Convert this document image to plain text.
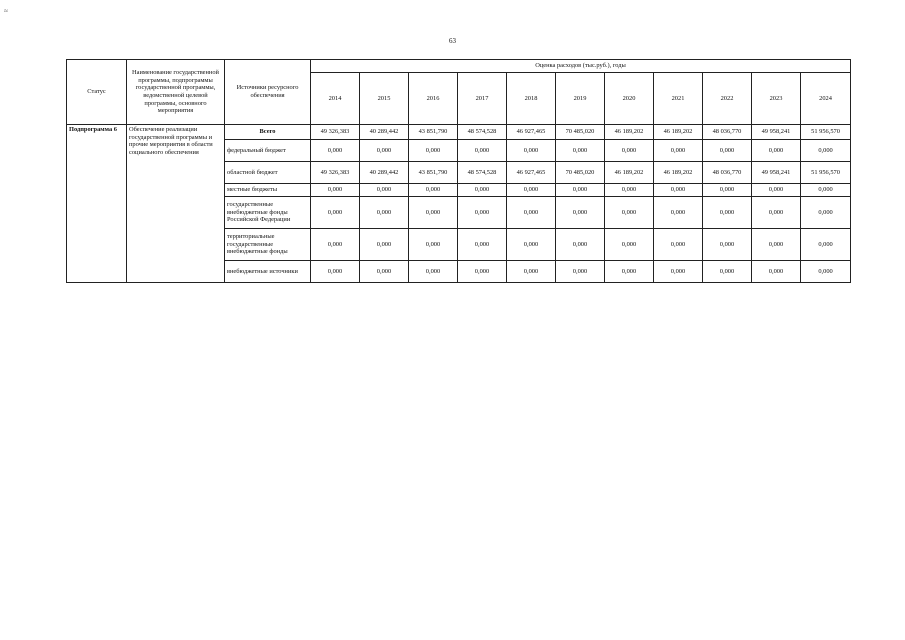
≈
63
Статус	Наименование государственной программы, подпрограммы государственной программы, ведомственной целевой программы, основного мероприятия	Источники ресурсного обеспечения	Оценка расходов (тыс.руб.), годы										
			2014	2015	2016	2017	2018	2019	2020	2021	2022	2023	2024
Подпрограмма 6	Обеспечение реализации государственной программы и прочие мероприятия в области социального обеспечения	Всего	49 326,383	40 289,442	43 851,790	48 574,528	46 927,465	70 485,020	46 189,202	46 189,202	48 036,770	49 958,241	51 956,570
		федеральный бюджет	0,000	0,000	0,000	0,000	0,000	0,000	0,000	0,000	0,000	0,000	0,000
		областной бюджет	49 326,383	40 289,442	43 851,790	48 574,528	46 927,465	70 485,020	46 189,202	46 189,202	48 036,770	49 958,241	51 956,570
		местные бюджеты	0,000	0,000	0,000	0,000	0,000	0,000	0,000	0,000	0,000	0,000	0,000
		государственные внебюджетные фонды Российской Федерации	0,000	0,000	0,000	0,000	0,000	0,000	0,000	0,000	0,000	0,000	0,000
		территориальные государственные внебюджетные фонды	0,000	0,000	0,000	0,000	0,000	0,000	0,000	0,000	0,000	0,000	0,000
		внебюджетные источники	0,000	0,000	0,000	0,000	0,000	0,000	0,000	0,000	0,000	0,000	0,000
